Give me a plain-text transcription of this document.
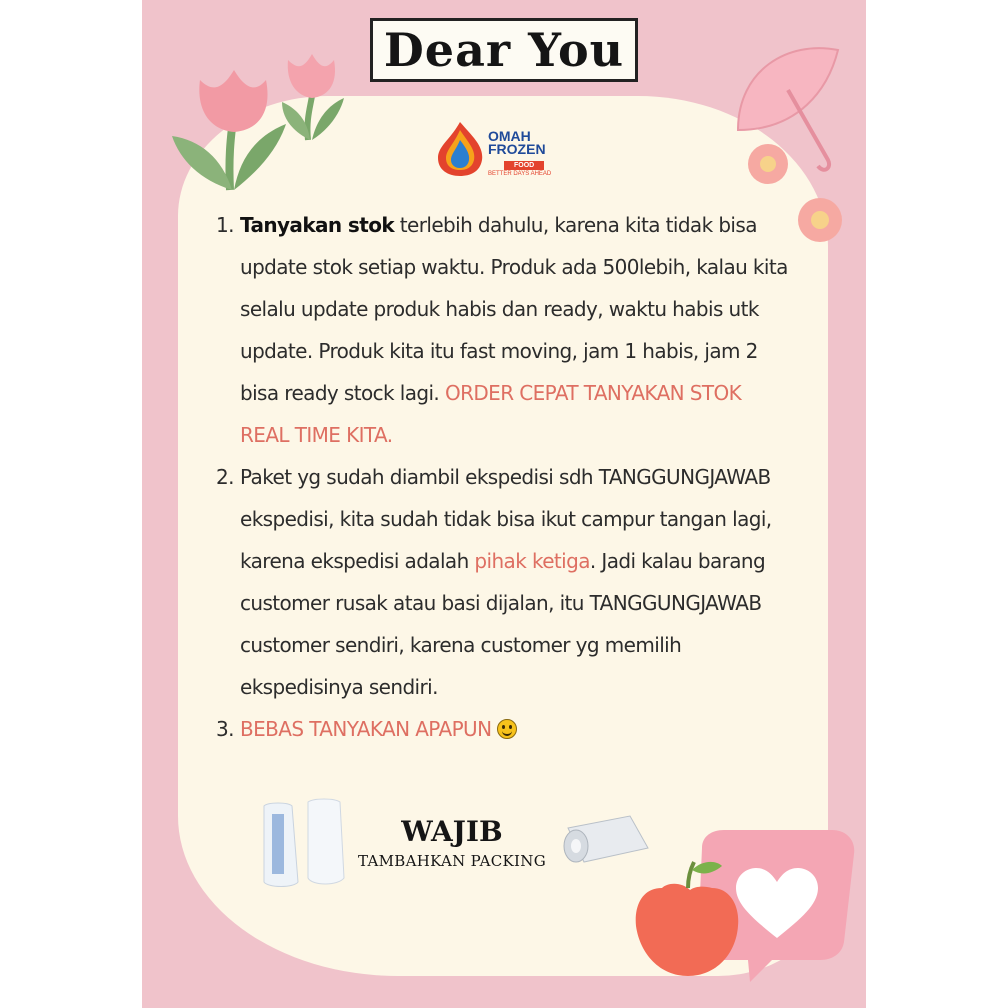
Dear You
OMAH
FROZEN
FOOD
BETTER DAYS AHEAD
1. Tanyakan stok terlebih dahulu, karena kita tidak bisa update stok setiap waktu. Produk ada 500lebih, kalau kita selalu update produk habis dan ready, waktu habis utk update. Produk kita itu fast moving, jam 1 habis, jam 2 bisa ready stock lagi. ORDER CEPAT TANYAKAN STOK REAL TIME KITA.
2. Paket yg sudah diambil ekspedisi sdh TANGGUNGJAWAB ekspedisi, kita sudah tidak bisa ikut campur tangan lagi, karena ekspedisi adalah pihak ketiga. Jadi kalau barang customer rusak atau basi dijalan, itu TANGGUNGJAWAB customer sendiri, karena customer yg memilih ekspedisinya sendiri.
3. BEBAS TANYAKAN APAPUN
WAJIB
TAMBAHKAN PACKING
